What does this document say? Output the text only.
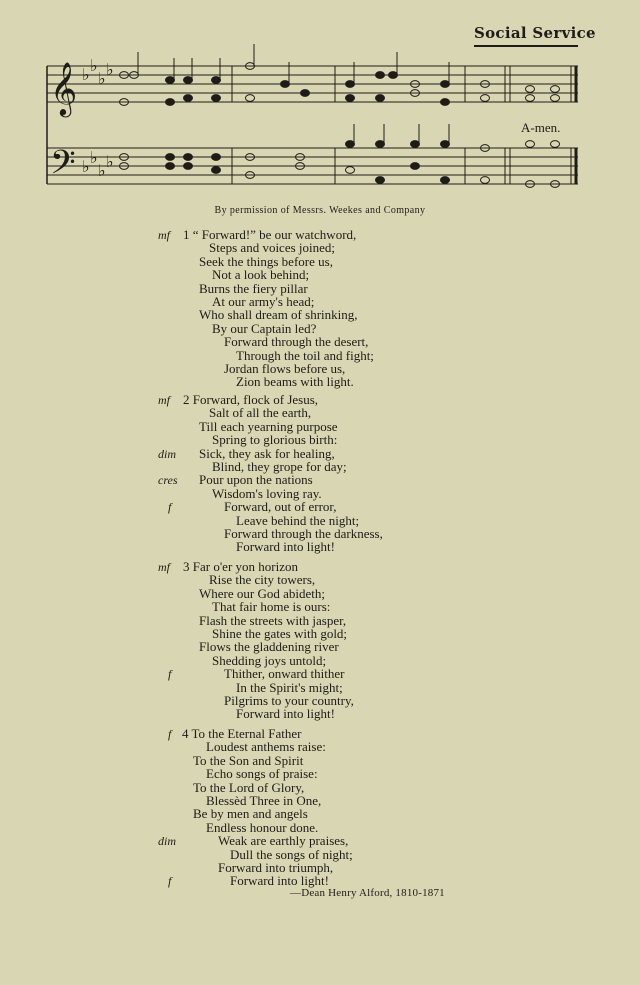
Social Service
𝄞
𝄢
♭ ♭
♭ ♭
♭ ♭
♭ ♭
A-men.
By permission of Messrs. Weekes and Company
mf 1 “ Forward!” be our watchword,
Steps and voices joined;
Seek the things before us,
Not a look behind;
Burns the fiery pillar
At our army's head;
Who shall dream of shrinking,
By our Captain led?
Forward through the desert,
Through the toil and fight;
Jordan flows before us,
Zion beams with light.
mf 2 Forward, flock of Jesus,
Salt of all the earth,
Till each yearning purpose
Spring to glorious birth:
dim Sick, they ask for healing,
Blind, they grope for day;
cres Pour upon the nations
Wisdom's loving ray.
f	Forward, out of error,
Leave behind the night;
Forward through the darkness,
Forward into light!
mf 3 Far o'er yon horizon
Rise the city towers,
Where our God abideth;
That fair home is ours:
Flash the streets with jasper,
Shine the gates with gold;
Flows the gladdening river
Shedding joys untold;
f	Thither, onward thither
In the Spirit's might;
Pilgrims to your country,
Forward into light!
f 4 To the Eternal Father
Loudest anthems raise:
To the Son and Spirit
Echo songs of praise:
To the Lord of Glory,
Blessèd Three in One,
Be by men and angels
Endless honour done.
dim	Weak are earthly praises,
Dull the songs of night;
Forward into triumph,
f	Forward into light!
—Dean Henry Alford, 1810-1871
